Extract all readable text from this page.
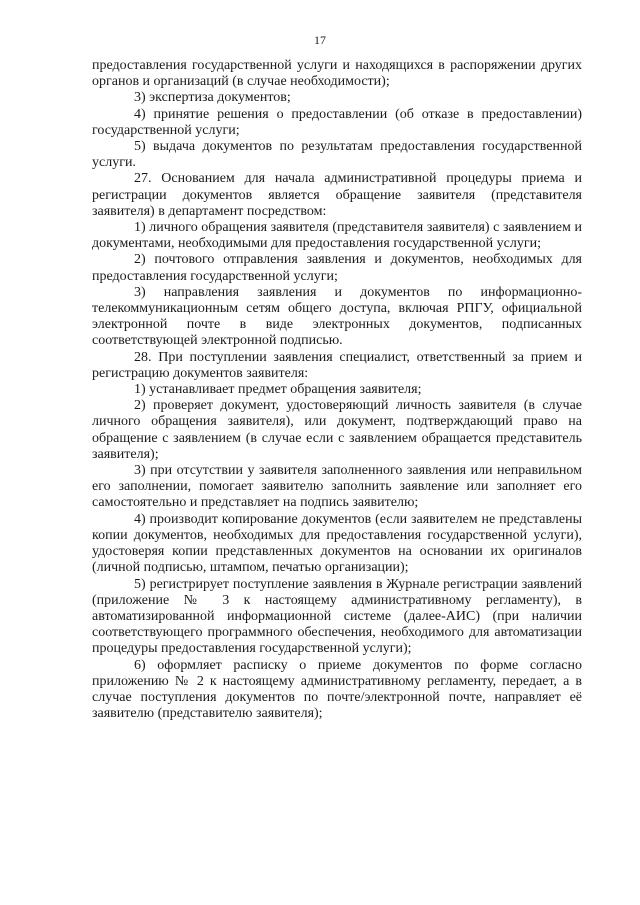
17

предоставления государственной услуги и находящихся в распоряжении других органов и организаций (в случае необходимости);

3) экспертиза документов;

4) принятие решения о предоставлении (об отказе в предоставлении) государственной услуги;

5) выдача документов по результатам предоставления государственной услуги.

27. Основанием для начала административной процедуры приема и регистрации документов является обращение заявителя (представителя заявителя) в департамент посредством:

1) личного обращения заявителя (представителя заявителя) с заявлением и документами, необходимыми для предоставления государственной услуги;

2) почтового отправления заявления и документов, необходимых для предоставления государственной услуги;

3) направления заявления и документов по информационно-телекоммуникационным сетям общего доступа, включая РПГУ, официальной электронной почте в виде электронных документов, подписанных соответствующей электронной подписью.

28. При поступлении заявления специалист, ответственный за прием и регистрацию документов заявителя:

1) устанавливает предмет обращения заявителя;

2) проверяет документ, удостоверяющий личность заявителя (в случае личного обращения заявителя), или документ, подтверждающий право на обращение с заявлением (в случае если с заявлением обращается представитель заявителя);

3) при отсутствии у заявителя заполненного заявления или неправильном его заполнении, помогает заявителю заполнить заявление или заполняет его самостоятельно и представляет на подпись заявителю;

4) производит копирование документов (если заявителем не представлены копии документов, необходимых для предоставления государственной услуги), удостоверяя копии представленных документов на основании их оригиналов (личной подписью, штампом, печатью организации);

5) регистрирует поступление заявления в Журнале регистрации заявлений (приложение № 3 к настоящему административному регламенту), в автоматизированной информационной системе (далее-АИС) (при наличии соответствующего программного обеспечения, необходимого для автоматизации процедуры предоставления государственной услуги);

6) оформляет расписку о приеме документов по форме согласно приложению № 2 к настоящему административному регламенту, передает, а в случае поступления документов по почте/электронной почте, направляет её заявителю (представителю заявителя);
